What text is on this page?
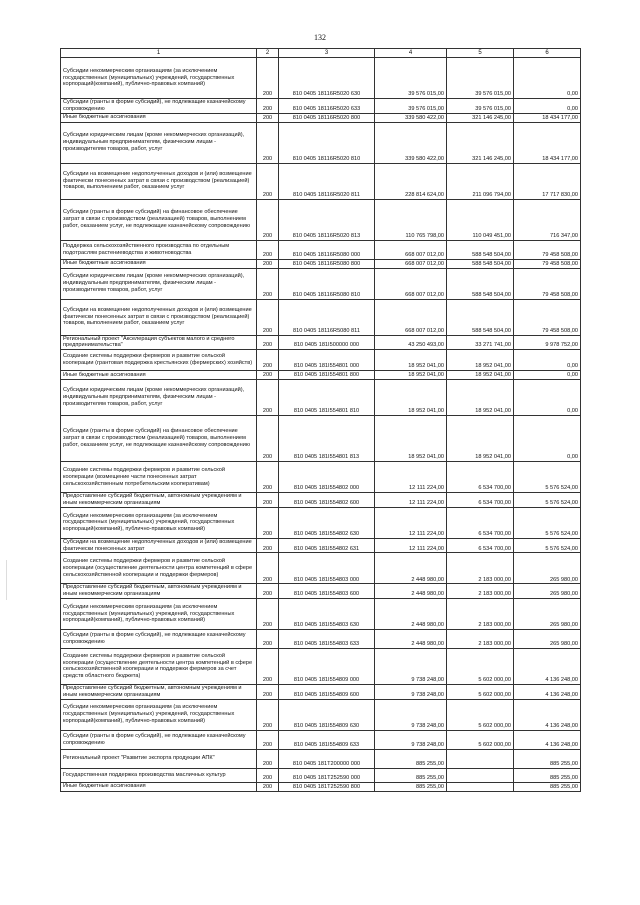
132
1	2	3	4	5	6
Субсидии некоммерческим организациям (за исключением государственных (муниципальных) учреждений, государственных корпораций(компаний), публично-правовых компаний)	200	810 0405 18116R5020 630	39 576 015,00	39 576 015,00	0,00
Субсидии (гранты в форме субсидий), не подлежащие казначейскому сопровождению	200	810 0405 18116R5020 633	39 576 015,00	39 576 015,00	0,00
Иные бюджетные ассигнования	200	810 0405 18116R5020 800	339 580 422,00	321 146 245,00	18 434 177,00
Субсидии юридическим лицам (кроме некоммерческих организаций), индивидуальным предпринимателям, физическим лицам - производителям товаров, работ, услуг	200	810 0405 18116R5020 810	339 580 422,00	321 146 245,00	18 434 177,00
Субсидии на возмещение недополученных доходов и (или) возмещение фактически понесенных затрат в связи с производством (реализацией) товаров, выполнением работ, оказанием услуг	200	810 0405 18116R5020 811	228 814 624,00	211 096 794,00	17 717 830,00
Субсидии (гранты в форме субсидий) на финансовое обеспечение затрат в связи с производством (реализацией) товаров, выполнением работ, оказанием услуг, не подлежащие казначейскому сопровождению	200	810 0405 18116R5020 813	110 765 798,00	110 049 451,00	716 347,00
Поддержка сельскохозяйственного производства по отдельным подотраслям растениеводства и животноводства	200	810 0405 18116R5080 000	668 007 012,00	588 548 504,00	79 458 508,00
Иные бюджетные ассигнования	200	810 0405 18116R5080 800	668 007 012,00	588 548 504,00	79 458 508,00
Субсидии юридическим лицам (кроме некоммерческих организаций), индивидуальным предпринимателям, физическим лицам - производителям товаров, работ, услуг	200	810 0405 18116R5080 810	668 007 012,00	588 548 504,00	79 458 508,00
Субсидии на возмещение недополученных доходов и (или) возмещение фактически понесенных затрат в связи с производством (реализацией) товаров, выполнением работ, оказанием услуг	200	810 0405 18116R5080 811	668 007 012,00	588 548 504,00	79 458 508,00
Региональный проект "Акселерация субъектов малого и среднего предпринимательства"	200	810 0405 181I500000 000	43 250 493,00	33 271 741,00	9 978 752,00
Создание системы поддержки фермеров и развитие сельской кооперации (грантовая поддержка крестьянских (фермерских) хозяйств)	200	810 0405 181I554801 000	18 952 041,00	18 952 041,00	0,00
Иные бюджетные ассигнования	200	810 0405 181I554801 800	18 952 041,00	18 952 041,00	0,00
Субсидии юридическим лицам (кроме некоммерческих организаций), индивидуальным предпринимателям, физическим лицам - производителям товаров, работ, услуг	200	810 0405 181I554801 810	18 952 041,00	18 952 041,00	0,00
Субсидии (гранты в форме субсидий) на финансовое обеспечение затрат в связи с производством (реализацией) товаров, выполнением работ, оказанием услуг, не подлежащие казначейскому сопровождению	200	810 0405 181I554801 813	18 952 041,00	18 952 041,00	0,00
Создание системы поддержки фермеров и развитие сельской кооперации (возмещение части понесенных затрат сельскохозяйственным потребительским кооперативам)	200	810 0405 181I554802 000	12 111 224,00	6 534 700,00	5 576 524,00
Предоставление субсидий бюджетным, автономным учреждениям и иным некоммерческим организациям	200	810 0405 181I554802 600	12 111 224,00	6 534 700,00	5 576 524,00
Субсидии некоммерческим организациям (за исключением государственных (муниципальных) учреждений, государственных корпораций(компаний), публично-правовых компаний)	200	810 0405 181I554802 630	12 111 224,00	6 534 700,00	5 576 524,00
Субсидии на возмещение недополученных доходов и (или) возмещение фактически понесенных затрат	200	810 0405 181I554802 631	12 111 224,00	6 534 700,00	5 576 524,00
Создание системы поддержки фермеров и развитие сельской кооперации (осуществление деятельности центра компетенций в сфере сельскохозяйственной кооперации и поддержки фермеров)	200	810 0405 181I554803 000	2 448 980,00	2 183 000,00	265 980,00
Предоставление субсидий бюджетным, автономным учреждениям и иным некоммерческим организациям	200	810 0405 181I554803 600	2 448 980,00	2 183 000,00	265 980,00
Субсидии некоммерческим организациям (за исключением государственных (муниципальных) учреждений, государственных корпораций(компаний), публично-правовых компаний)	200	810 0405 181I554803 630	2 448 980,00	2 183 000,00	265 980,00
Субсидии (гранты в форме субсидий), не подлежащие казначейскому сопровождению	200	810 0405 181I554803 633	2 448 980,00	2 183 000,00	265 980,00
Создание системы поддержки фермеров и развитие сельской кооперации (осуществление деятельности центра компетенций в сфере сельскохозяйственной кооперации и поддержки фермеров за счет средств областного бюджета)	200	810 0405 181I554809 000	9 738 248,00	5 602 000,00	4 136 248,00
Предоставление субсидий бюджетным, автономным учреждениям и иным некоммерческим организациям	200	810 0405 181I554809 600	9 738 248,00	5 602 000,00	4 136 248,00
Субсидии некоммерческим организациям (за исключением государственных (муниципальных) учреждений, государственных корпораций(компаний), публично-правовых компаний)	200	810 0405 181I554809 630	9 738 248,00	5 602 000,00	4 136 248,00
Субсидии (гранты в форме субсидий), не подлежащие казначейскому сопровождению	200	810 0405 181I554809 633	9 738 248,00	5 602 000,00	4 136 248,00
Региональный проект "Развитие экспорта продукции АПК"	200	810 0405 181T200000 000	885 255,00		885 255,00
Государственная поддержка производства масличных культур	200	810 0405 181T252590 000	885 255,00		885 255,00
Иные бюджетные ассигнования	200	810 0405 181T252590 800	885 255,00		885 255,00
